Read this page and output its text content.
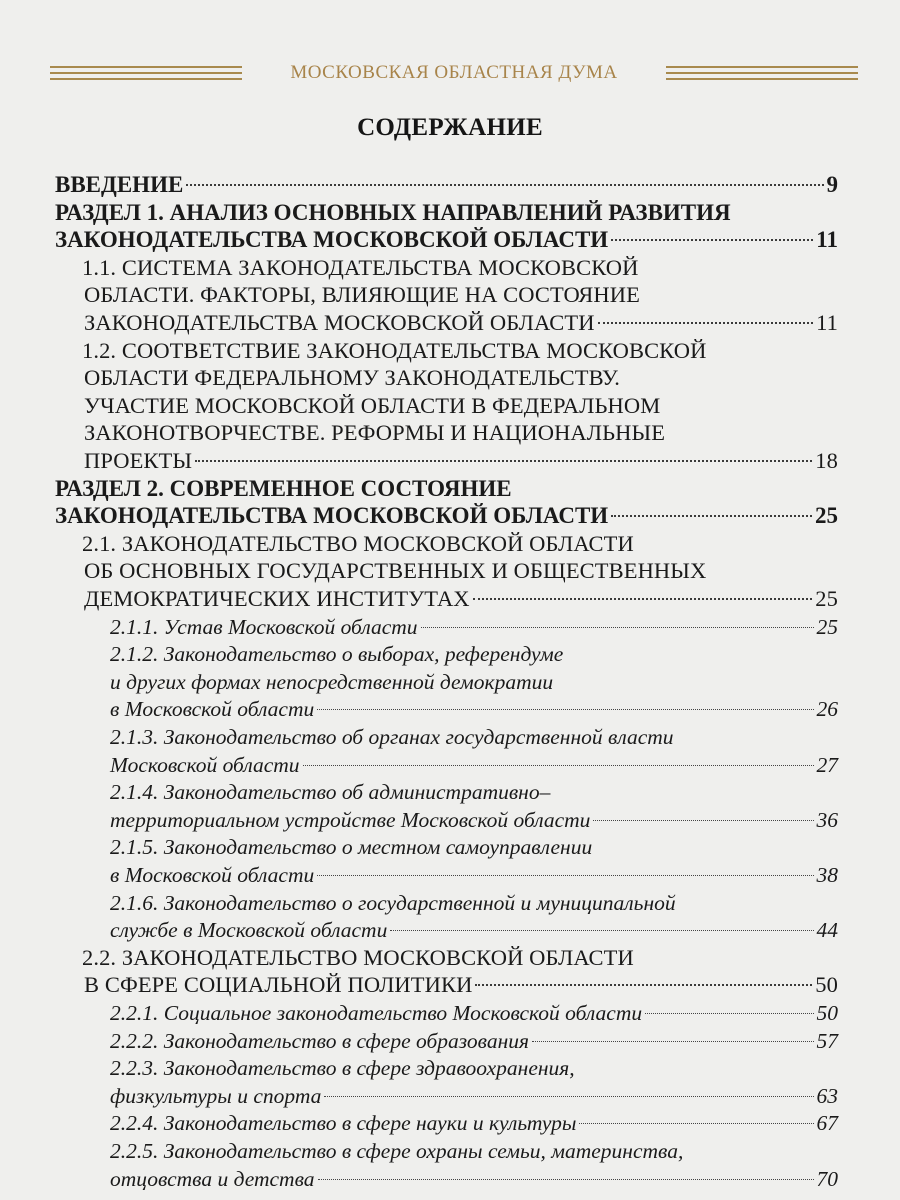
МОСКОВСКАЯ ОБЛАСТНАЯ ДУМА
СОДЕРЖАНИЕ
ВВЕДЕНИЕ	9
РАЗДЕЛ 1. АНАЛИЗ ОСНОВНЫХ НАПРАВЛЕНИЙ РАЗВИТИЯ
ЗАКОНОДАТЕЛЬСТВА МОСКОВСКОЙ ОБЛАСТИ	11
1.1. СИСТЕМА ЗАКОНОДАТЕЛЬСТВА МОСКОВСКОЙ
ОБЛАСТИ. ФАКТОРЫ, ВЛИЯЮЩИЕ НА СОСТОЯНИЕ
ЗАКОНОДАТЕЛЬСТВА МОСКОВСКОЙ ОБЛАСТИ	11
1.2. СООТВЕТСТВИЕ ЗАКОНОДАТЕЛЬСТВА МОСКОВСКОЙ
ОБЛАСТИ ФЕДЕРАЛЬНОМУ ЗАКОНОДАТЕЛЬСТВУ.
УЧАСТИЕ МОСКОВСКОЙ ОБЛАСТИ В ФЕДЕРАЛЬНОМ
ЗАКОНОТВОРЧЕСТВЕ. РЕФОРМЫ И НАЦИОНАЛЬНЫЕ
ПРОЕКТЫ	18
РАЗДЕЛ 2. СОВРЕМЕННОЕ СОСТОЯНИЕ
ЗАКОНОДАТЕЛЬСТВА МОСКОВСКОЙ ОБЛАСТИ	25
2.1. ЗАКОНОДАТЕЛЬСТВО МОСКОВСКОЙ ОБЛАСТИ
ОБ ОСНОВНЫХ ГОСУДАРСТВЕННЫХ И ОБЩЕСТВЕННЫХ
ДЕМОКРАТИЧЕСКИХ ИНСТИТУТАХ	25
2.1.1. Устав Московской области	25
2.1.2. Законодательство о выборах, референдуме
и других формах непосредственной демократии
в Московской области	26
2.1.3. Законодательство об органах государственной власти
Московской области	27
2.1.4. Законодательство об административно–
территориальном устройстве Московской области	36
2.1.5. Законодательство о местном самоуправлении
в Московской области	38
2.1.6. Законодательство о государственной и муниципальной
службе в Московской области	44
2.2. ЗАКОНОДАТЕЛЬСТВО МОСКОВСКОЙ ОБЛАСТИ
В СФЕРЕ СОЦИАЛЬНОЙ ПОЛИТИКИ	50
2.2.1. Социальное законодательство Московской области	50
2.2.2. Законодательство в сфере образования	57
2.2.3. Законодательство в сфере здравоохранения,
физкультуры и спорта	63
2.2.4. Законодательство в сфере науки и культуры	67
2.2.5. Законодательство в сфере охраны семьи, материнства,
отцовства и детства	70
